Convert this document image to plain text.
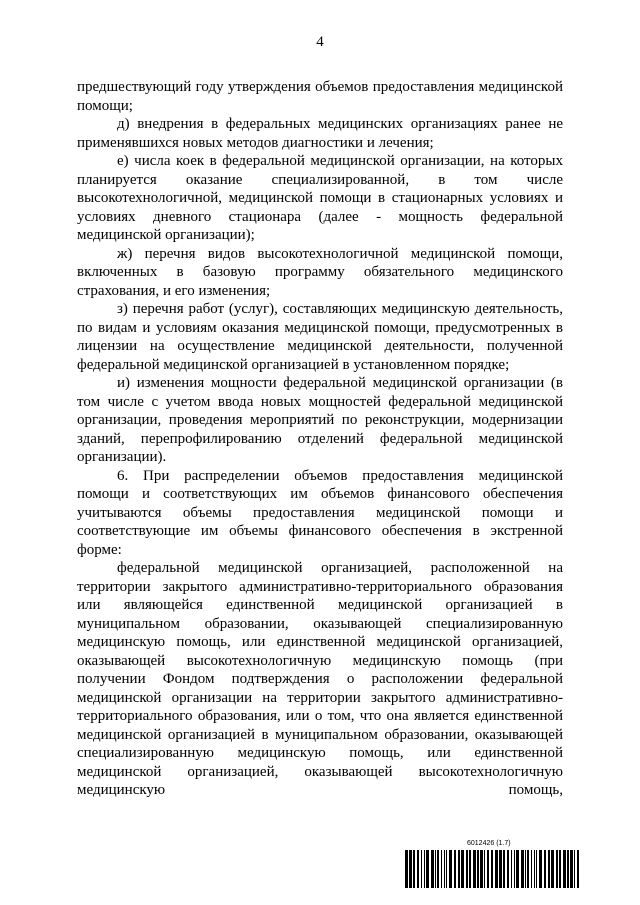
4

предшествующий году утверждения объемов предоставления медицинской помощи;

д) внедрения в федеральных медицинских организациях ранее не применявшихся новых методов диагностики и лечения;

е) числа коек в федеральной медицинской организации, на которых планируется оказание специализированной, в том числе высокотехнологичной, медицинской помощи в стационарных условиях и условиях дневного стационара (далее - мощность федеральной медицинской организации);

ж) перечня видов высокотехнологичной медицинской помощи, включенных в базовую программу обязательного медицинского страхования, и его изменения;

з) перечня работ (услуг), составляющих медицинскую деятельность, по видам и условиям оказания медицинской помощи, предусмотренных в лицензии на осуществление медицинской деятельности, полученной федеральной медицинской организацией в установленном порядке;

и) изменения мощности федеральной медицинской организации (в том числе с учетом ввода новых мощностей федеральной медицинской организации, проведения мероприятий по реконструкции, модернизации зданий, перепрофилированию отделений федеральной медицинской организации).

6. При распределении объемов предоставления медицинской помощи и соответствующих им объемов финансового обеспечения учитываются объемы предоставления медицинской помощи и соответствующие им объемы финансового обеспечения в экстренной форме:

федеральной медицинской организацией, расположенной на территории закрытого административно-территориального образования или являющейся единственной медицинской организацией в муниципальном образовании, оказывающей специализированную медицинскую помощь, или единственной медицинской организацией, оказывающей высокотехнологичную медицинскую помощь (при получении Фондом подтверждения о расположении федеральной медицинской организации на территории закрытого административно-территориального образования, или о том, что она является единственной медицинской организацией в муниципальном образовании, оказывающей специализированную медицинскую помощь, или единственной медицинской организацией, оказывающей высокотехнологичную медицинскую помощь,

6012426 (1.7)
